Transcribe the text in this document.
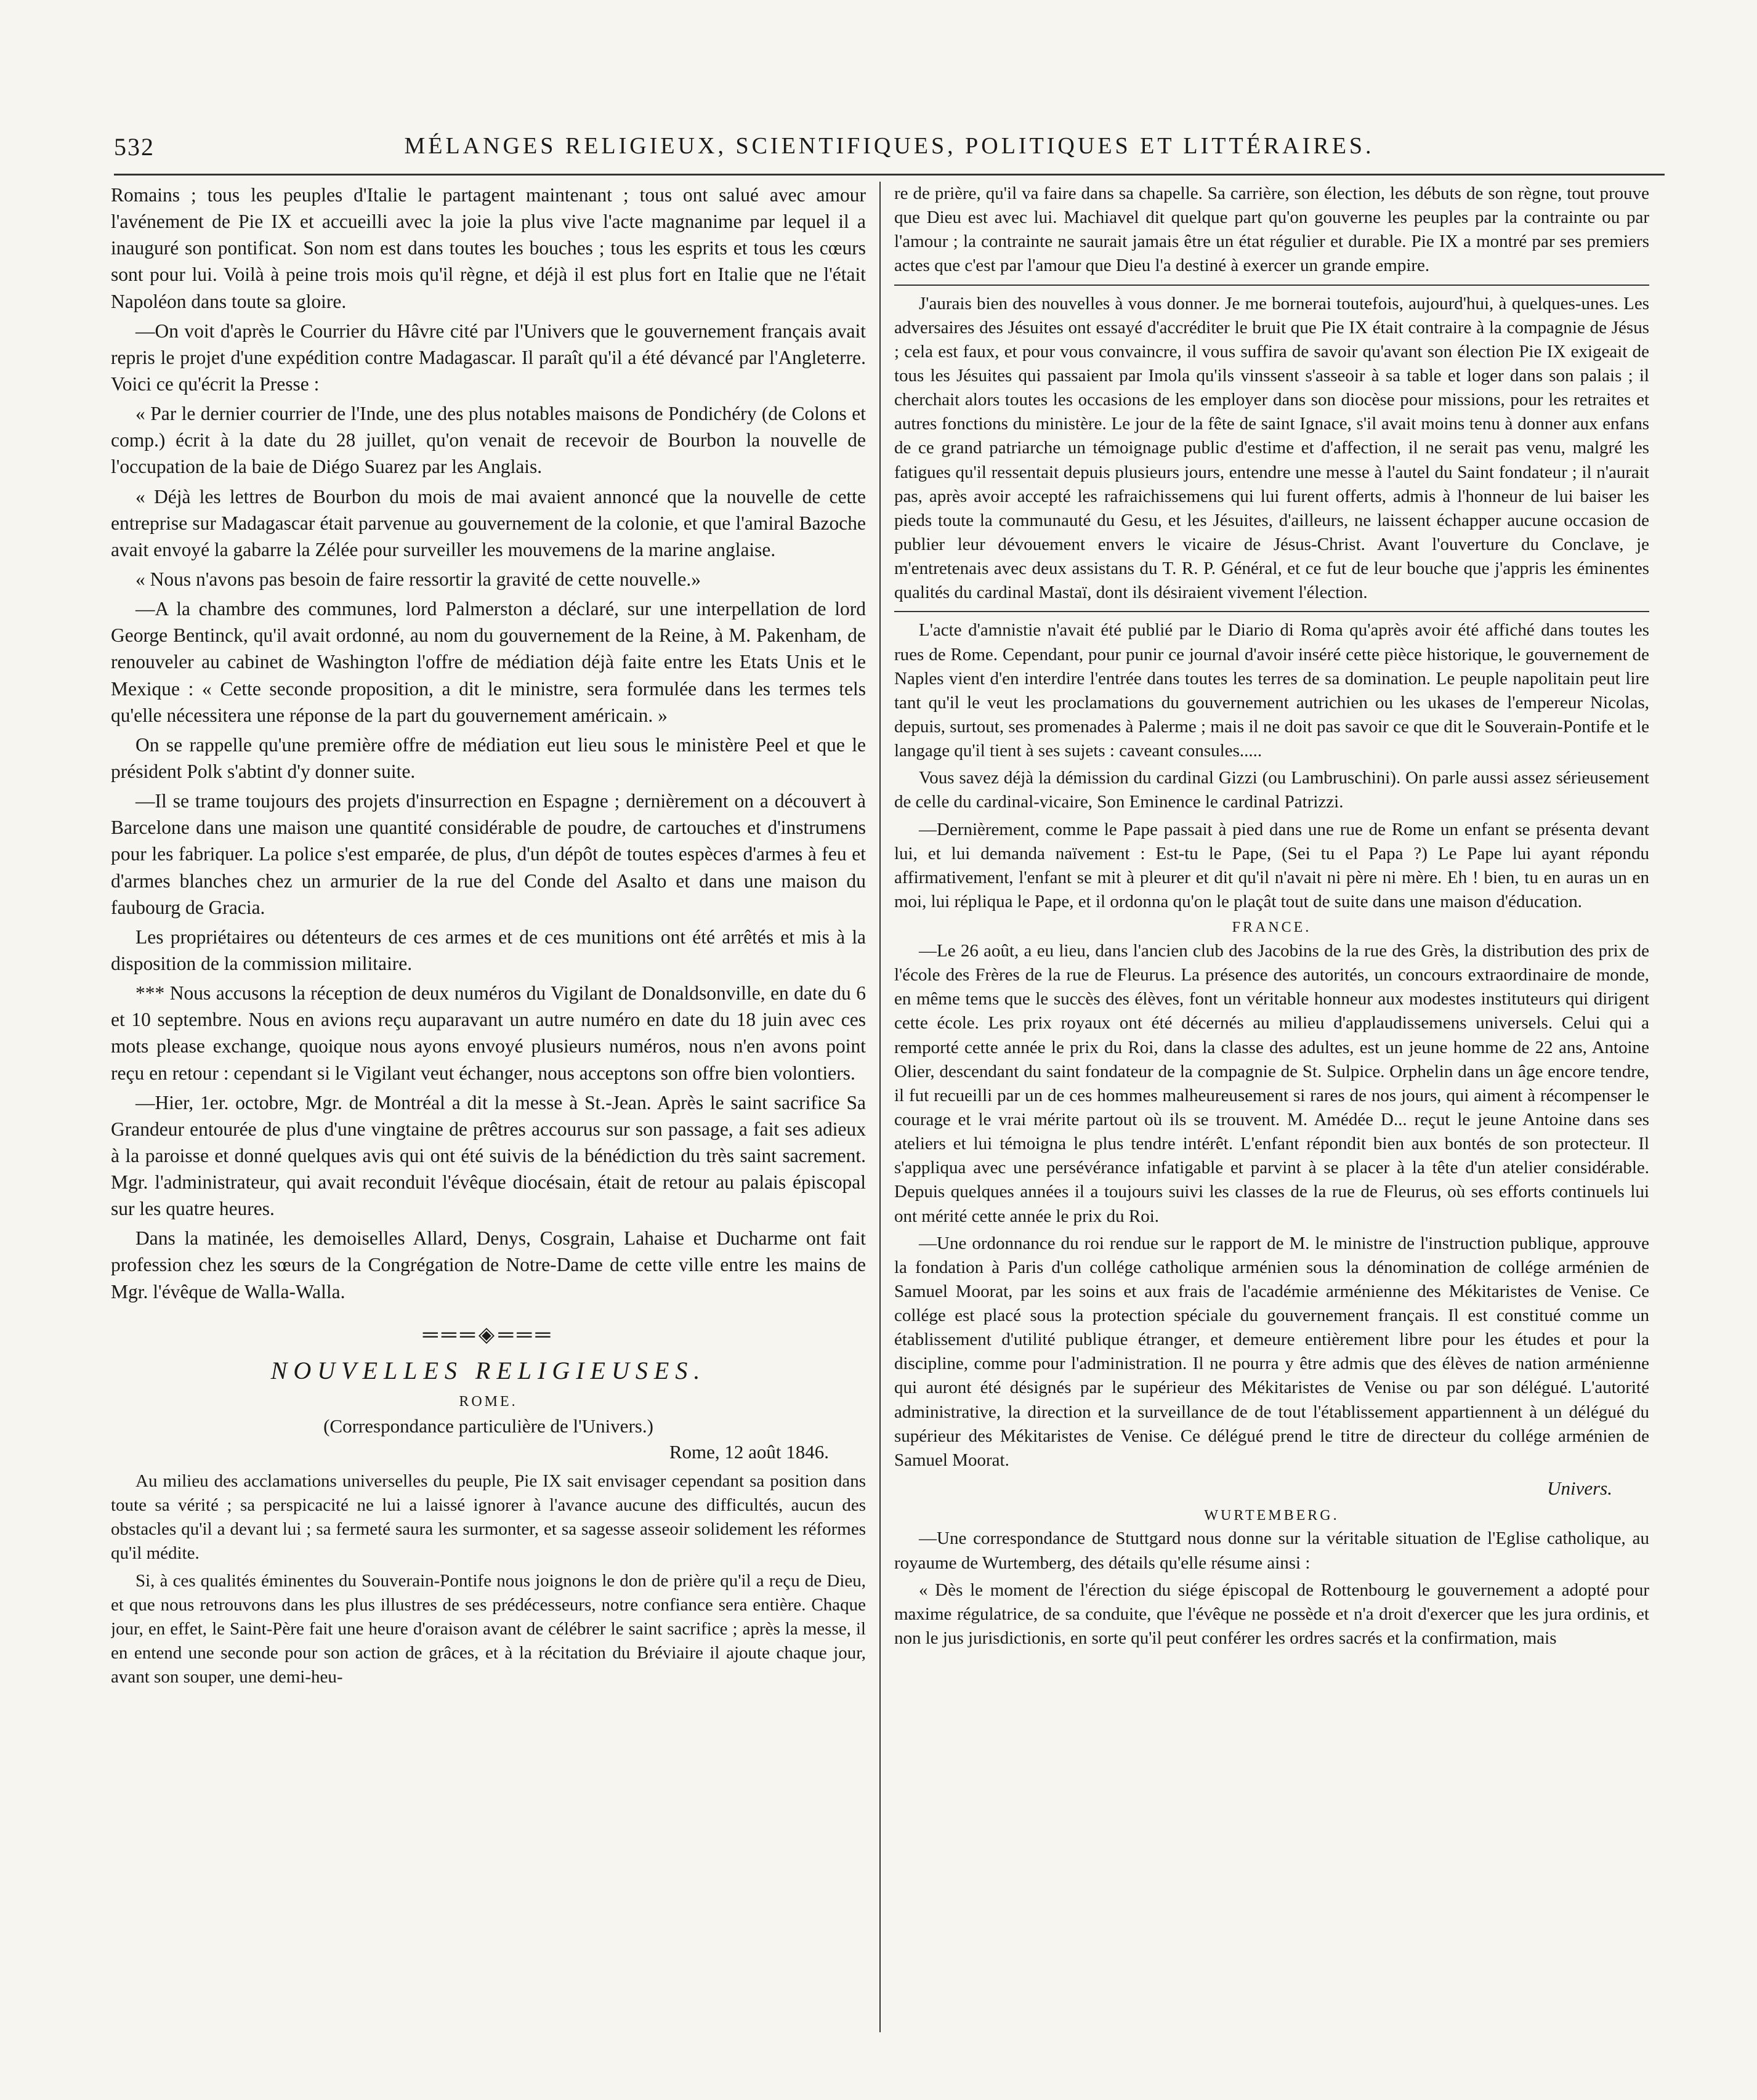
532	MÉLANGES RELIGIEUX, SCIENTIFIQUES, POLITIQUES ET LITTÉRAIRES.

Romains ; tous les peuples d'Italie le partagent maintenant ; tous ont salué avec amour l'avénement de Pie IX et accueilli avec la joie la plus vive l'acte magnanime par lequel il a inauguré son pontificat. Son nom est dans toutes les bouches ; tous les esprits et tous les cœurs sont pour lui. Voilà à peine trois mois qu'il règne, et déjà il est plus fort en Italie que ne l'était Napoléon dans toute sa gloire.

—On voit d'après le Courrier du Hâvre cité par l'Univers que le gouvernement français avait repris le projet d'une expédition contre Madagascar. Il paraît qu'il a été dévancé par l'Angleterre. Voici ce qu'écrit la Presse :

« Par le dernier courrier de l'Inde, une des plus notables maisons de Pondichéry (de Colons et comp.) écrit à la date du 28 juillet, qu'on venait de recevoir de Bourbon la nouvelle de l'occupation de la baie de Diégo Suarez par les Anglais.

« Déjà les lettres de Bourbon du mois de mai avaient annoncé que la nouvelle de cette entreprise sur Madagascar était parvenue au gouvernement de la colonie, et que l'amiral Bazoche avait envoyé la gabarre la Zélée pour surveiller les mouvemens de la marine anglaise.

« Nous n'avons pas besoin de faire ressortir la gravité de cette nouvelle.»

—A la chambre des communes, lord Palmerston a déclaré, sur une interpellation de lord George Bentinck, qu'il avait ordonné, au nom du gouvernement de la Reine, à M. Pakenham, de renouveler au cabinet de Washington l'offre de médiation déjà faite entre les Etats Unis et le Mexique : « Cette seconde proposition, a dit le ministre, sera formulée dans les termes tels qu'elle nécessitera une réponse de la part du gouvernement américain. »

On se rappelle qu'une première offre de médiation eut lieu sous le ministère Peel et que le président Polk s'abtint d'y donner suite.

—Il se trame toujours des projets d'insurrection en Espagne ; dernièrement on a découvert à Barcelone dans une maison une quantité considérable de poudre, de cartouches et d'instrumens pour les fabriquer. La police s'est emparée, de plus, d'un dépôt de toutes espèces d'armes à feu et d'armes blanches chez un armurier de la rue del Conde del Asalto et dans une maison du faubourg de Gracia.

Les propriétaires ou détenteurs de ces armes et de ces munitions ont été arrêtés et mis à la disposition de la commission militaire.

*** Nous accusons la réception de deux numéros du Vigilant de Donaldsonville, en date du 6 et 10 septembre. Nous en avions reçu auparavant un autre numéro en date du 18 juin avec ces mots please exchange, quoique nous ayons envoyé plusieurs numéros, nous n'en avons point reçu en retour : cependant si le Vigilant veut échanger, nous acceptons son offre bien volontiers.

—Hier, 1er. octobre, Mgr. de Montréal a dit la messe à St.-Jean. Après le saint sacrifice Sa Grandeur entourée de plus d'une vingtaine de prêtres accourus sur son passage, a fait ses adieux à la paroisse et donné quelques avis qui ont été suivis de la bénédiction du très saint sacrement. Mgr. l'administrateur, qui avait reconduit l'évêque diocésain, était de retour au palais épiscopal sur les quatre heures.

Dans la matinée, les demoiselles Allard, Denys, Cosgrain, Lahaise et Ducharme ont fait profession chez les sœurs de la Congrégation de Notre-Dame de cette ville entre les mains de Mgr. l'évêque de Walla-Walla.

═══◈═══
NOUVELLES RELIGIEUSES.
ROME.
(Correspondance particulière de l'Univers.)
Rome, 12 août 1846.

Au milieu des acclamations universelles du peuple, Pie IX sait envisager cependant sa position dans toute sa vérité ; sa perspicacité ne lui a laissé ignorer à l'avance aucune des difficultés, aucun des obstacles qu'il a devant lui ; sa fermeté saura les surmonter, et sa sagesse asseoir solidement les réformes qu'il médite.

Si, à ces qualités éminentes du Souverain-Pontife nous joignons le don de prière qu'il a reçu de Dieu, et que nous retrouvons dans les plus illustres de ses prédécesseurs, notre confiance sera entière. Chaque jour, en effet, le Saint-Père fait une heure d'oraison avant de célébrer le saint sacrifice ; après la messe, il en entend une seconde pour son action de grâces, et à la récitation du Bréviaire il ajoute chaque jour, avant son souper, une demi-heu-

re de prière, qu'il va faire dans sa chapelle. Sa carrière, son élection, les débuts de son règne, tout prouve que Dieu est avec lui. Machiavel dit quelque part qu'on gouverne les peuples par la contrainte ou par l'amour ; la contrainte ne saurait jamais être un état régulier et durable. Pie IX a montré par ses premiers actes que c'est par l'amour que Dieu l'a destiné à exercer un grande empire.

J'aurais bien des nouvelles à vous donner. Je me bornerai toutefois, aujourd'hui, à quelques-unes. Les adversaires des Jésuites ont essayé d'accréditer le bruit que Pie IX était contraire à la compagnie de Jésus ; cela est faux, et pour vous convaincre, il vous suffira de savoir qu'avant son élection Pie IX exigeait de tous les Jésuites qui passaient par Imola qu'ils vinssent s'asseoir à sa table et loger dans son palais ; il cherchait alors toutes les occasions de les employer dans son diocèse pour missions, pour les retraites et autres fonctions du ministère. Le jour de la fête de saint Ignace, s'il avait moins tenu à donner aux enfans de ce grand patriarche un témoignage public d'estime et d'affection, il ne serait pas venu, malgré les fatigues qu'il ressentait depuis plusieurs jours, entendre une messe à l'autel du Saint fondateur ; il n'aurait pas, après avoir accepté les rafraichissemens qui lui furent offerts, admis à l'honneur de lui baiser les pieds toute la communauté du Gesu, et les Jésuites, d'ailleurs, ne laissent échapper aucune occasion de publier leur dévouement envers le vicaire de Jésus-Christ. Avant l'ouverture du Conclave, je m'entretenais avec deux assistans du T. R. P. Général, et ce fut de leur bouche que j'appris les éminentes qualités du cardinal Mastaï, dont ils désiraient vivement l'élection.

L'acte d'amnistie n'avait été publié par le Diario di Roma qu'après avoir été affiché dans toutes les rues de Rome. Cependant, pour punir ce journal d'avoir inséré cette pièce historique, le gouvernement de Naples vient d'en interdire l'entrée dans toutes les terres de sa domination. Le peuple napolitain peut lire tant qu'il le veut les proclamations du gouvernement autrichien ou les ukases de l'empereur Nicolas, depuis, surtout, ses promenades à Palerme ; mais il ne doit pas savoir ce que dit le Souverain-Pontife et le langage qu'il tient à ses sujets : caveant consules.....

Vous savez déjà la démission du cardinal Gizzi (ou Lambruschini). On parle aussi assez sérieusement de celle du cardinal-vicaire, Son Eminence le cardinal Patrizzi.

—Dernièrement, comme le Pape passait à pied dans une rue de Rome un enfant se présenta devant lui, et lui demanda naïvement : Est-tu le Pape, (Sei tu el Papa ?) Le Pape lui ayant répondu affirmativement, l'enfant se mit à pleurer et dit qu'il n'avait ni père ni mère. Eh ! bien, tu en auras un en moi, lui répliqua le Pape, et il ordonna qu'on le plaçât tout de suite dans une maison d'éducation.

FRANCE.

—Le 26 août, a eu lieu, dans l'ancien club des Jacobins de la rue des Grès, la distribution des prix de l'école des Frères de la rue de Fleurus. La présence des autorités, un concours extraordinaire de monde, en même tems que le succès des élèves, font un véritable honneur aux modestes instituteurs qui dirigent cette école. Les prix royaux ont été décernés au milieu d'applaudissemens universels. Celui qui a remporté cette année le prix du Roi, dans la classe des adultes, est un jeune homme de 22 ans, Antoine Olier, descendant du saint fondateur de la compagnie de St. Sulpice. Orphelin dans un âge encore tendre, il fut recueilli par un de ces hommes malheureusement si rares de nos jours, qui aiment à récompenser le courage et le vrai mérite partout où ils se trouvent. M. Amédée D... reçut le jeune Antoine dans ses ateliers et lui témoigna le plus tendre intérêt. L'enfant répondit bien aux bontés de son protecteur. Il s'appliqua avec une persévérance infatigable et parvint à se placer à la tête d'un atelier considérable. Depuis quelques années il a toujours suivi les classes de la rue de Fleurus, où ses efforts continuels lui ont mérité cette année le prix du Roi.

—Une ordonnance du roi rendue sur le rapport de M. le ministre de l'instruction publique, approuve la fondation à Paris d'un collége catholique arménien sous la dénomination de collége arménien de Samuel Moorat, par les soins et aux frais de l'académie arménienne des Mékitaristes de Venise. Ce collége est placé sous la protection spéciale du gouvernement français. Il est constitué comme un établissement d'utilité publique étranger, et demeure entièrement libre pour les études et pour la discipline, comme pour l'administration. Il ne pourra y être admis que des élèves de nation arménienne qui auront été désignés par le supérieur des Mékitaristes de Venise ou par son délégué. L'autorité administrative, la direction et la surveillance de de tout l'établissement appartiennent à un délégué du supérieur des Mékitaristes de Venise. Ce délégué prend le titre de directeur du collége arménien de Samuel Moorat.

Univers.
WURTEMBERG.

—Une correspondance de Stuttgard nous donne sur la véritable situation de l'Eglise catholique, au royaume de Wurtemberg, des détails qu'elle résume ainsi :

« Dès le moment de l'érection du siége épiscopal de Rottenbourg le gouvernement a adopté pour maxime régulatrice, de sa conduite, que l'évêque ne possède et n'a droit d'exercer que les jura ordinis, et non le jus jurisdictionis, en sorte qu'il peut conférer les ordres sacrés et la confirmation, mais
